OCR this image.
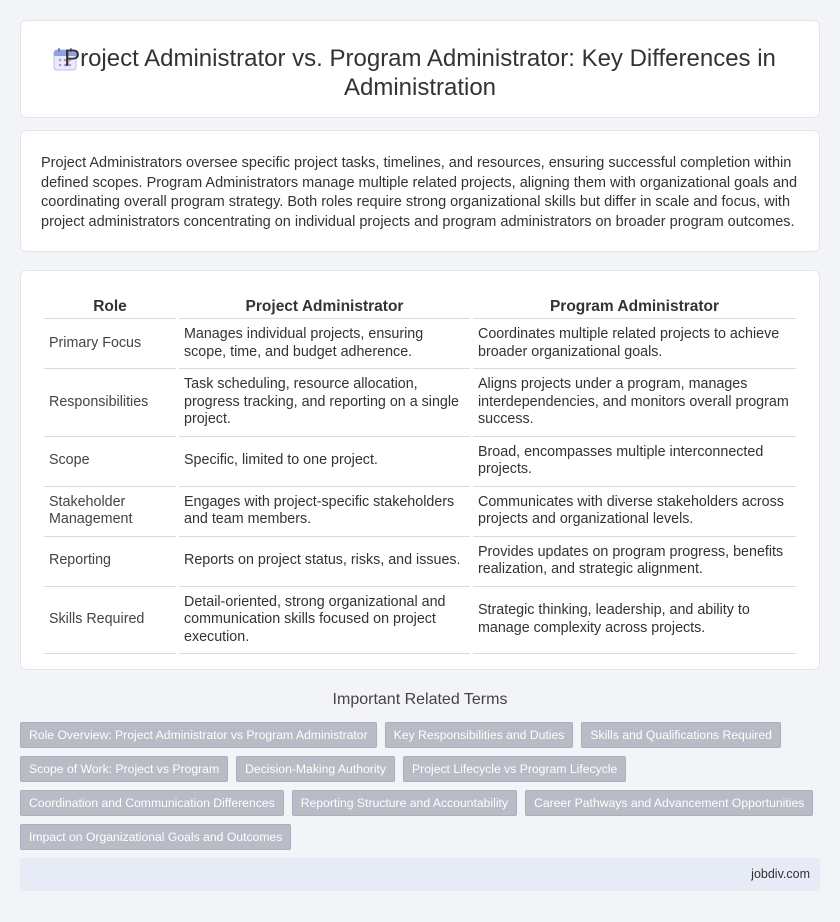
Project Administrator vs. Program Administrator: Key Differences in Administration

Project Administrators oversee specific project tasks, timelines, and resources, ensuring successful completion within defined scopes. Program Administrators manage multiple related projects, aligning them with organizational goals and coordinating overall program strategy. Both roles require strong organizational skills but differ in scale and focus, with project administrators concentrating on individual projects and program administrators on broader program outcomes.

Role	Project Administrator	Program Administrator
Primary Focus	Manages individual projects, ensuring scope, time, and budget adherence.	Coordinates multiple related projects to achieve broader organizational goals.
Responsibilities	Task scheduling, resource allocation, progress tracking, and reporting on a single project.	Aligns projects under a program, manages interdependencies, and monitors overall program success.
Scope	Specific, limited to one project.	Broad, encompasses multiple interconnected projects.
Stakeholder Management	Engages with project-specific stakeholders and team members.	Communicates with diverse stakeholders across projects and organizational levels.
Reporting	Reports on project status, risks, and issues.	Provides updates on program progress, benefits realization, and strategic alignment.
Skills Required	Detail-oriented, strong organizational and communication skills focused on project execution.	Strategic thinking, leadership, and ability to manage complexity across projects.
Important Related Terms
Role Overview: Project Administrator vs Program Administrator	Key Responsibilities and Duties	Skills and Qualifications Required
Scope of Work: Project vs Program	Decision-Making Authority	Project Lifecycle vs Program Lifecycle
Coordination and Communication Differences	Reporting Structure and Accountability	Career Pathways and Advancement Opportunities
Impact on Organizational Goals and Outcomes
jobdiv.com
